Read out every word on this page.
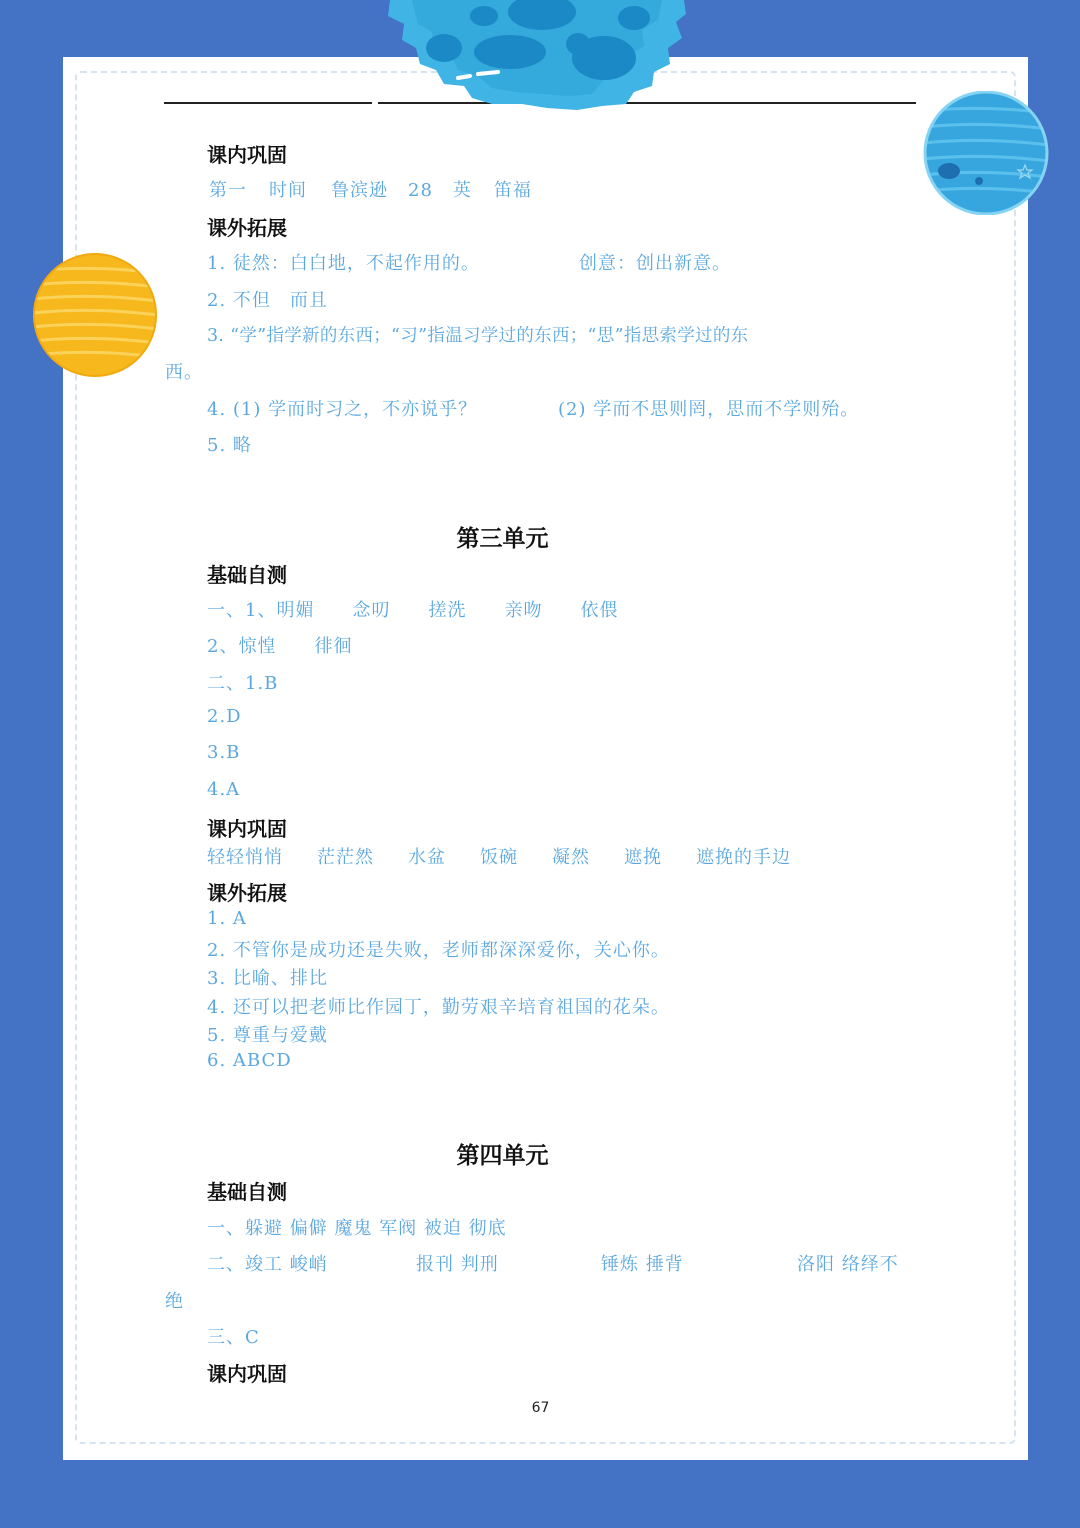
课内巩固
第一 时间 鲁滨逊 28 英 笛福
课外拓展
1. 徒然：白白地，不起作用的。	创意：创出新意。
2. 不但　而且
3. “学”指学新的东西；“习”指温习学过的东西；“思”指思索学过的东
西。
4. (1) 学而时习之，不亦说乎？	(2) 学而不思则罔，思而不学则殆。
5. 略
第三单元
基础自测
一、1、明媚　　念叨　　搓洗　　亲吻　　依偎
2、惊惶　　徘徊
二、1.B
2.D
3.B
4.A
课内巩固
轻轻悄悄 茫茫然 水盆 饭碗 凝然 遮挽 遮挽的手边
课外拓展
1. A
2. 不管你是成功还是失败，老师都深深爱你，关心你。
3. 比喻、排比
4. 还可以把老师比作园丁，勤劳艰辛培育祖国的花朵。
5. 尊重与爱戴
6. ABCD
第四单元
基础自测
一、躲避 偏僻 魔鬼 军阀 被迫 彻底
二、竣工 峻峭	报刊 判刑	锤炼 捶背	洛阳 络绎不
绝
三、C
课内巩固
67
